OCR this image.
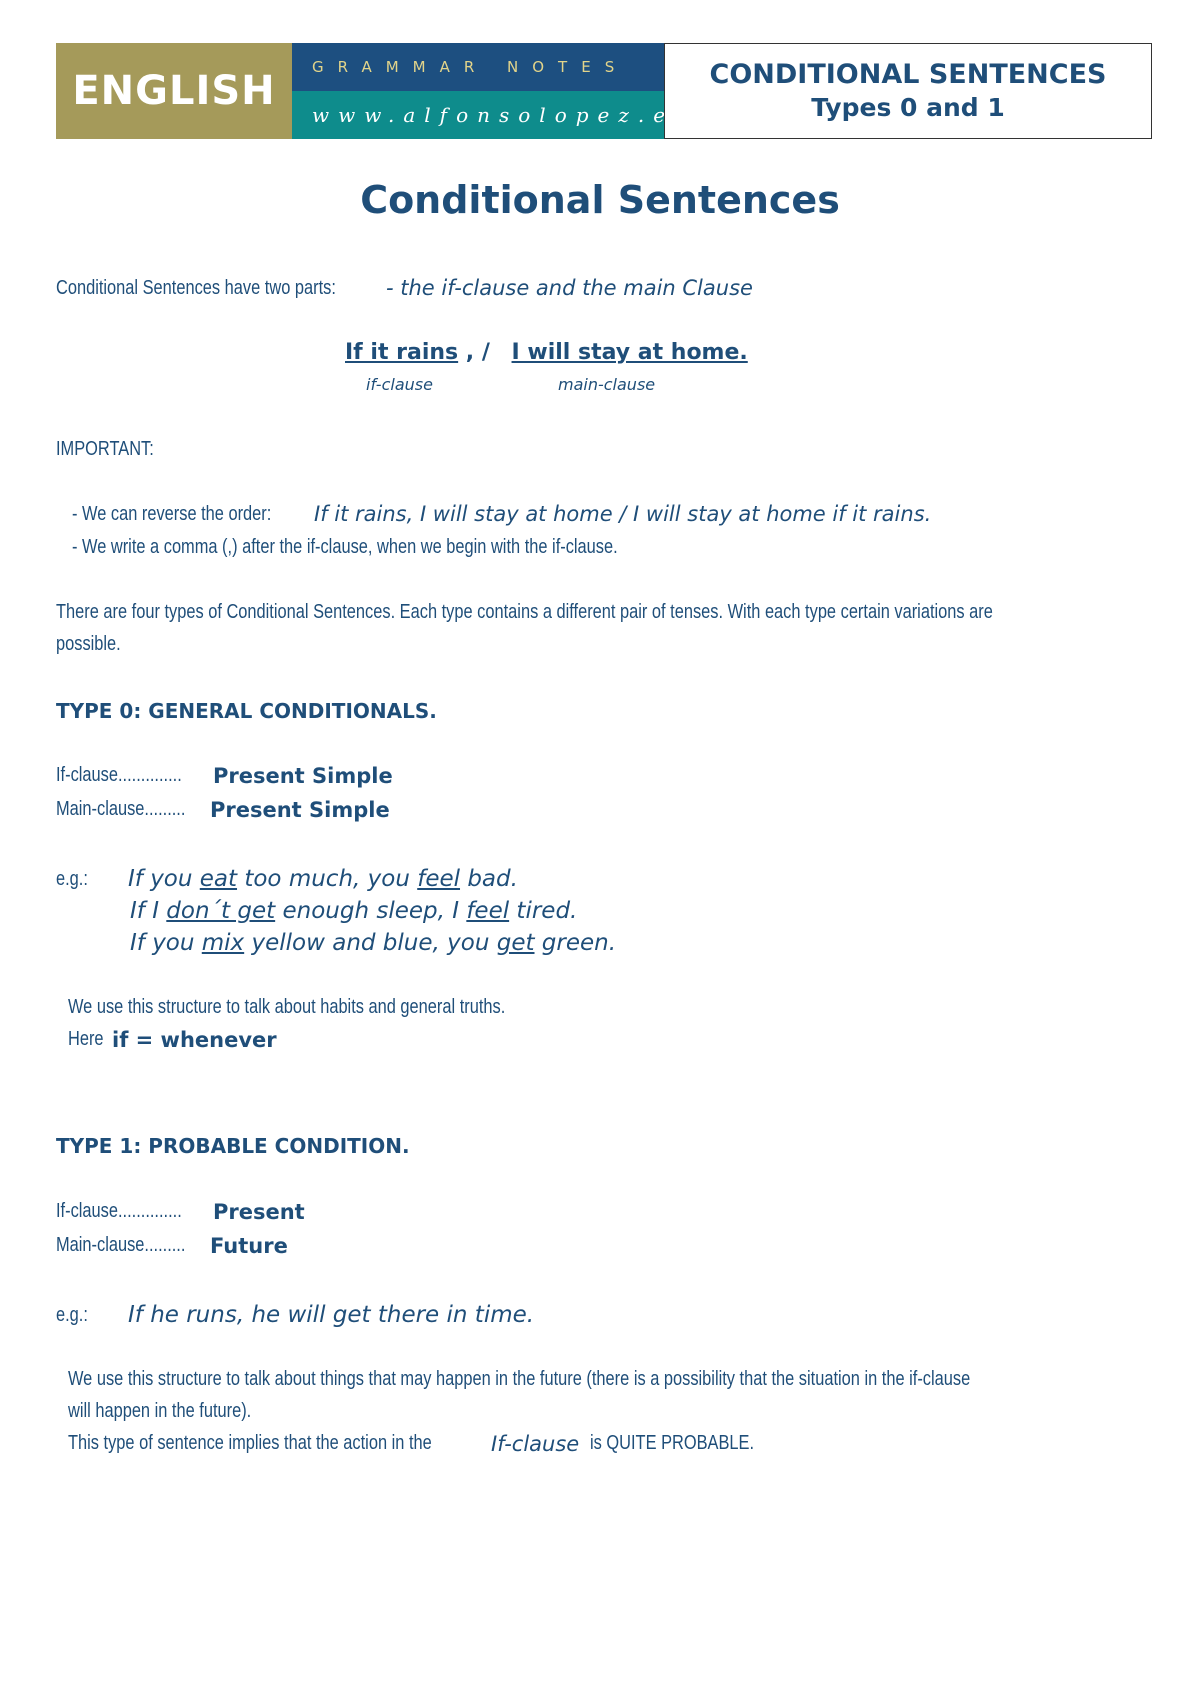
ENGLISH
GRAMMAR NOTES
www.alfonsolopez.es
CONDITIONAL SENTENCES
Types 0 and 1
Conditional Sentences
Conditional Sentences have two parts: - the if-clause and the main Clause
If it rains , / I will stay at home.
if-clause	main-clause
IMPORTANT:
- We can reverse the order: If it rains, I will stay at home / I will stay at home if it rains.
- We write a comma (,) after the if-clause, when we begin with the if-clause.
There are four types of Conditional Sentences. Each type contains a different pair of tenses. With each type certain variations are
possible.
TYPE 0: GENERAL CONDITIONALS.
If-clause..............	Present Simple
Main-clause.........	Present Simple
e.g.: If you eat too much, you feel bad.
If I don´t get enough sleep, I feel tired.
If you mix yellow and blue, you get green.
We use this structure to talk about habits and general truths.
Here if = whenever
TYPE 1: PROBABLE CONDITION.
If-clause..............	Present
Main-clause.........	Future
e.g.: If he runs, he will get there in time.
We use this structure to talk about things that may happen in the future (there is a possibility that the situation in the if-clause
will happen in the future).
This type of sentence implies that the action in the	If-clause is QUITE PROBABLE.
